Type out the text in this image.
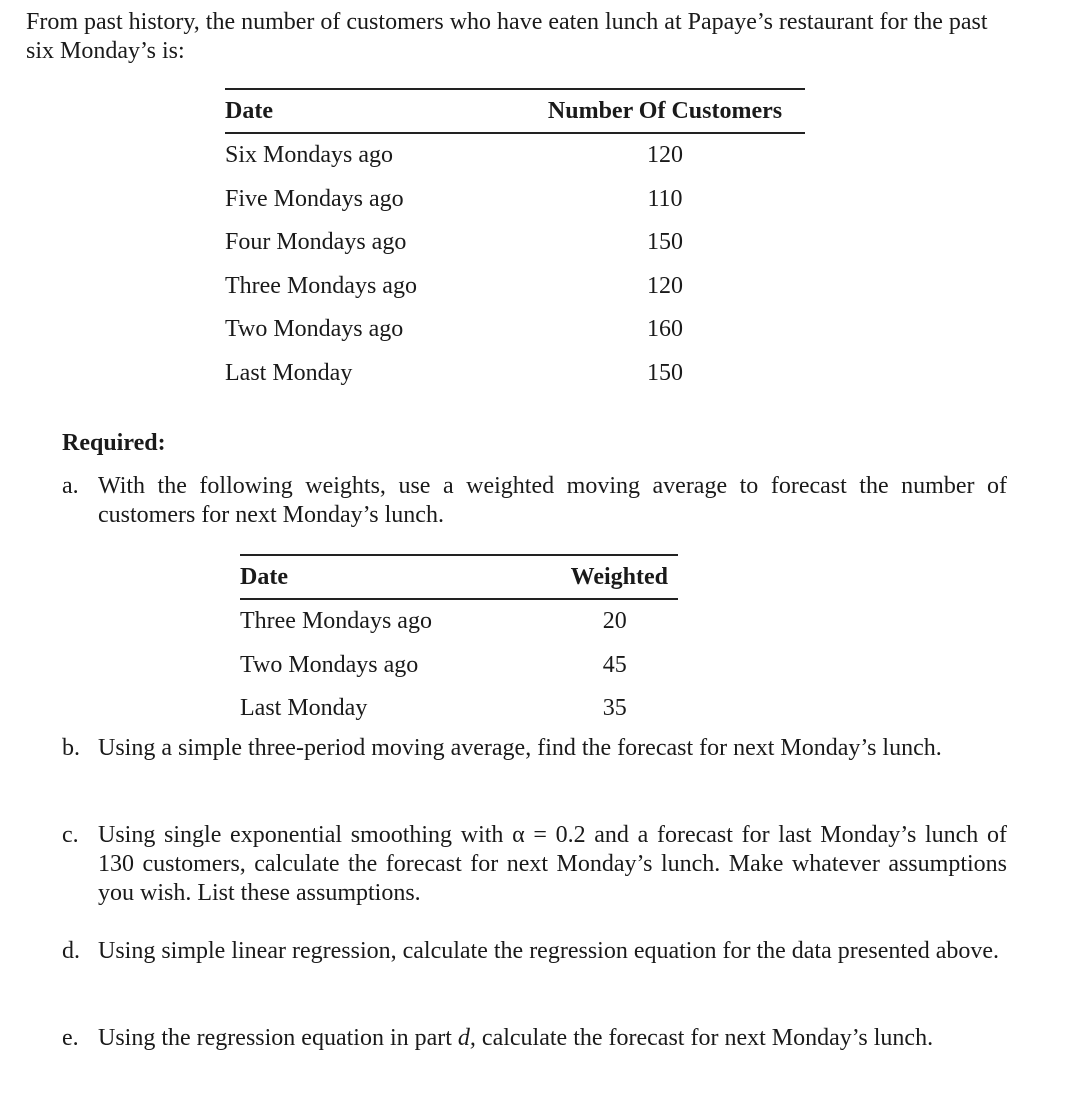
From past history, the number of customers who have eaten lunch at Papaye’s restaurant for the past six Monday’s is:

Date	Number Of Customers
Six Mondays ago	120
Five Mondays ago	110
Four Mondays ago	150
Three Mondays ago	120
Two Mondays ago	160
Last Monday	150

Required:

a. With the following weights, use a weighted moving average to forecast the number of customers for next Monday’s lunch.
Date	Weighted
Three Mondays ago	20
Two Mondays ago	45
Last Monday	35
b. Using a simple three-period moving average, find the forecast for next Monday’s lunch.
c. Using single exponential smoothing with α = 0.2 and a forecast for last Monday’s lunch of 130 customers, calculate the forecast for next Monday’s lunch. Make whatever assumptions you wish. List these assumptions.
d. Using simple linear regression, calculate the regression equation for the data presented above.
e. Using the regression equation in part d, calculate the forecast for next Monday’s lunch.
